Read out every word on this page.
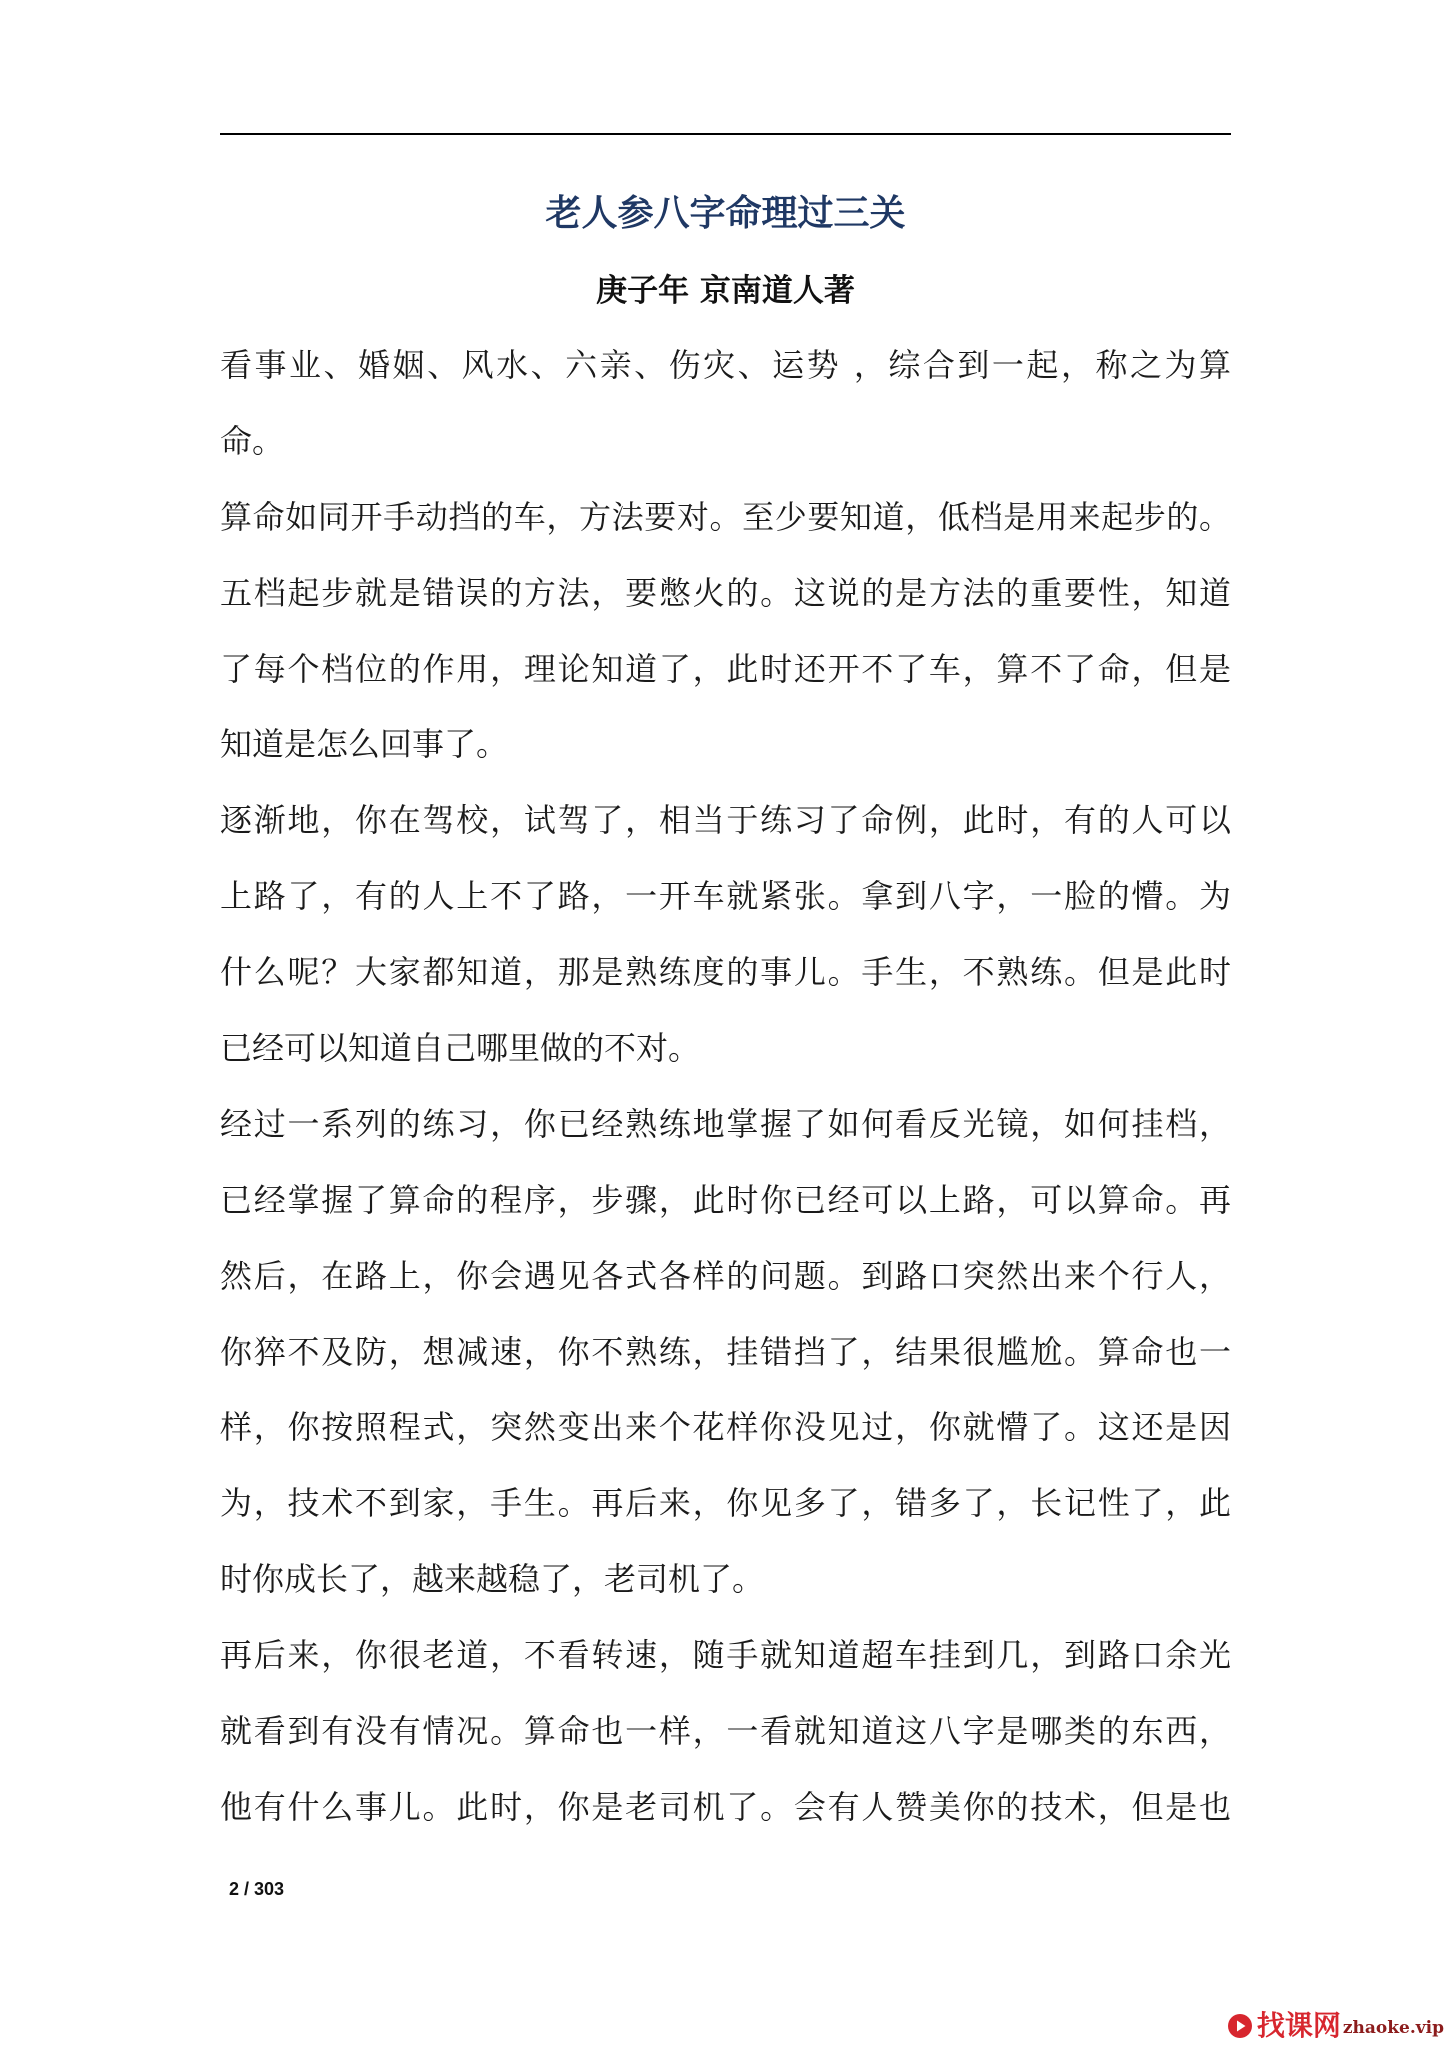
老人参八字命理过三关
庚子年 京南道人著
看事业、婚姻、风水、六亲、伤灾、运势 ，综合到一起，称之为算
命。
算命如同开手动挡的车，方法要对。至少要知道，低档是用来起步的。
五档起步就是错误的方法，要憋火的。这说的是方法的重要性，知道
了每个档位的作用，理论知道了，此时还开不了车，算不了命，但是
知道是怎么回事了。
逐渐地，你在驾校，试驾了，相当于练习了命例，此时，有的人可以
上路了，有的人上不了路，一开车就紧张。拿到八字，一脸的懵。为
什么呢？大家都知道，那是熟练度的事儿。手生，不熟练。但是此时
已经可以知道自己哪里做的不对。
经过一系列的练习，你已经熟练地掌握了如何看反光镜，如何挂档，
已经掌握了算命的程序，步骤，此时你已经可以上路，可以算命。再
然后，在路上，你会遇见各式各样的问题。到路口突然出来个行人，
你猝不及防，想减速，你不熟练，挂错挡了，结果很尴尬。算命也一
样，你按照程式，突然变出来个花样你没见过，你就懵了。这还是因
为，技术不到家，手生。再后来，你见多了，错多了，长记性了，此
时你成长了，越来越稳了，老司机了。
再后来，你很老道，不看转速，随手就知道超车挂到几，到路口余光
就看到有没有情况。算命也一样，一看就知道这八字是哪类的东西，
他有什么事儿。此时，你是老司机了。会有人赞美你的技术，但是也
2 / 303
找课网 zhaoke.vip
